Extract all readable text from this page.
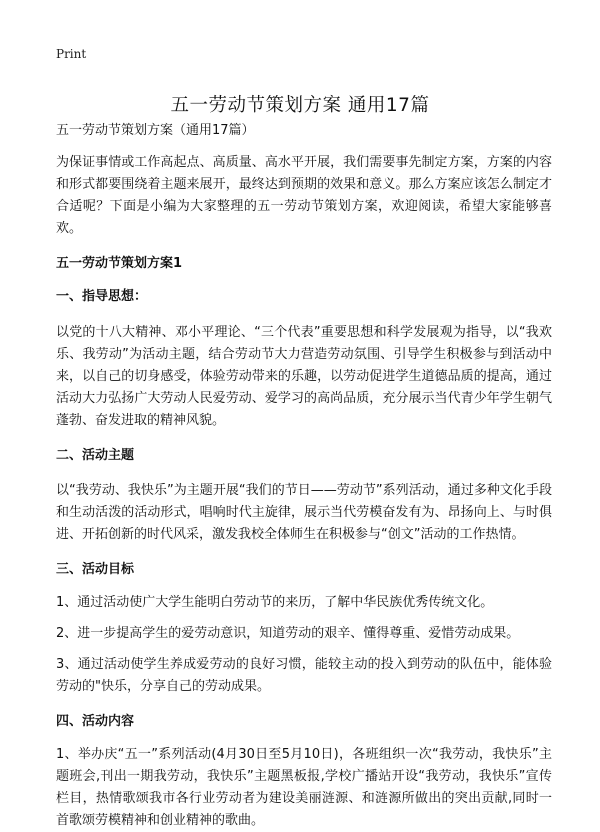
Print
五一劳动节策划方案 通用17篇

五一劳动节策划方案（通用17篇）

为保证事情或工作高起点、高质量、高水平开展，我们需要事先制定方案，方案的内容和形式都要围绕着主题来展开，最终达到预期的效果和意义。那么方案应该怎么制定才合适呢？下面是小编为大家整理的五一劳动节策划方案，欢迎阅读，希望大家能够喜欢。

五一劳动节策划方案1

一、指导思想：

以党的十八大精神、邓小平理论、“三个代表”重要思想和科学发展观为指导，以“我欢乐、我劳动”为活动主题，结合劳动节大力营造劳动氛围、引导学生积极参与到活动中来，以自己的切身感受，体验劳动带来的乐趣，以劳动促进学生道德品质的提高，通过活动大力弘扬广大劳动人民爱劳动、爱学习的高尚品质，充分展示当代青少年学生朝气蓬勃、奋发进取的精神风貌。

二、活动主题

以“我劳动、我快乐”为主题开展“我们的节日——劳动节”系列活动，通过多种文化手段和生动活泼的活动形式，唱响时代主旋律，展示当代劳模奋发有为、昂扬向上、与时俱进、开拓创新的时代风采，激发我校全体师生在积极参与“创文”活动的工作热情。

三、活动目标

1、通过活动使广大学生能明白劳动节的来历，了解中华民族优秀传统文化。

2、进一步提高学生的爱劳动意识，知道劳动的艰辛、懂得尊重、爱惜劳动成果。

3、通过活动使学生养成爱劳动的良好习惯，能较主动的投入到劳动的队伍中，能体验劳动的"快乐，分享自己的劳动成果。

四、活动内容

1、举办庆“五一”系列活动(4月30日至5月10日)，各班组织一次“我劳动，我快乐”主题班会,刊出一期我劳动，我快乐”主题黑板报,学校广播站开设“我劳动，我快乐”宣传栏目，热情歌颂我市各行业劳动者为建设美丽涟源、和涟源所做出的突出贡献,同时一首歌颂劳模精神和创业精神的歌曲。
